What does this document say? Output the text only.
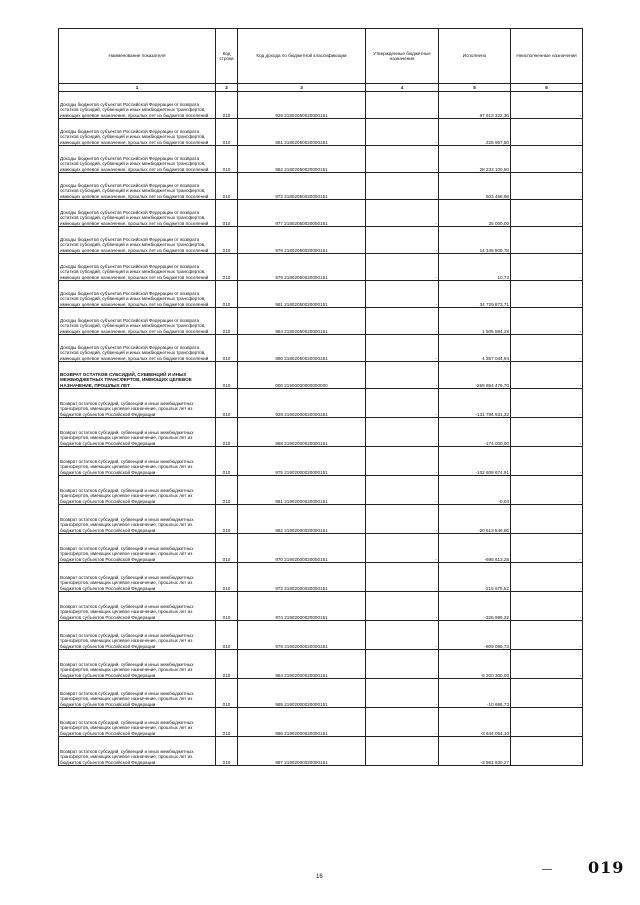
Наименование показателя	Код строки	Код дохода по бюджетной классификации	Утвержденные бюджетные назначения	Исполнено	Неисполненные назначения
1	2	3	4	5	6
Доходы бюджетов субъектов Российской Федерации от возврата остатков субсидий, субвенций и иных межбюджетных трансфертов, имеющих целевое назначение, прошлых лет из бюджетов поселений	010	929 21802050020000151	-	67 613 322,36	-
Доходы бюджетов субъектов Российской Федерации от возврата остатков субсидий, субвенций и иных межбюджетных трансфертов, имеющих целевое назначение, прошлых лет из бюджетов поселений	010	961 21802050020000151	-	225 967,50	-
Доходы бюджетов субъектов Российской Федерации от возврата остатков субсидий, субвенций и иных межбюджетных трансфертов, имеющих целевое назначение, прошлых лет из бюджетов поселений	010	962 21802050020000151	-	28 233 100,50	-
Доходы бюджетов субъектов Российской Федерации от возврата остатков субсидий, субвенций и иных межбюджетных трансфертов, имеющих целевое назначение, прошлых лет из бюджетов поселений	010	972 21802050020000151	-	503 468,98	-
Доходы бюджетов субъектов Российской Федерации от возврата остатков субсидий, субвенций и иных межбюджетных трансфертов, имеющих целевое назначение, прошлых лет из бюджетов поселений	010	977 21802050020000151	-	25 000,00	-
Доходы бюджетов субъектов Российской Федерации от возврата остатков субсидий, субвенций и иных межбюджетных трансфертов, имеющих целевое назначение, прошлых лет из бюджетов поселений	010	978 21802050020000151	-	14 145 909,78	-
Доходы бюджетов субъектов Российской Федерации от возврата остатков субсидий, субвенций и иных межбюджетных трансфертов, имеющих целевое назначение, прошлых лет из бюджетов поселений	010	979 21802050020000151	-	10,73	-
Доходы бюджетов субъектов Российской Федерации от возврата остатков субсидий, субвенций и иных межбюджетных трансфертов, имеющих целевое назначение, прошлых лет из бюджетов поселений	010	981 21802050020000151	-	34 729 873,71	-
Доходы бюджетов субъектов Российской Федерации от возврата остатков субсидий, субвенций и иных межбюджетных трансфертов, имеющих целевое назначение, прошлых лет из бюджетов поселений	010	984 21802050020000151	-	1 505 594,28	-
Доходы бюджетов субъектов Российской Федерации от возврата остатков субсидий, субвенций и иных межбюджетных трансфертов, имеющих целевое назначение, прошлых лет из бюджетов поселений	010	990 21802050020000151	-	4 357 044,94	-
ВОЗВРАТ ОСТАТКОВ СУБСИДИЙ, СУБВЕНЦИЙ И ИНЫХ МЕЖБЮДЖЕТНЫХ ТРАНСФЕРТОВ, ИМЕЮЩИХ ЦЕЛЕВОЕ НАЗНАЧЕНИЕ, ПРОШЛЫХ ЛЕТ	010	000 21900000000000000	-	-269 854 476,70	-
Возврат остатков субсидий, субвенций и иных межбюджетных трансфертов, имеющих целевое назначение, прошлых лет из бюджетов субъектов Российской Федерации	010	929 21902000020000151	-	-131 794 631,32	-
Возврат остатков субсидий, субвенций и иных межбюджетных трансфертов, имеющих целевое назначение, прошлых лет из бюджетов субъектов Российской Федерации	010	968 21902000020000151	-	-174 000,00	-
Возврат остатков субсидий, субвенций и иных межбюджетных трансфертов, имеющих целевое назначение, прошлых лет из бюджетов субъектов Российской Федерации	010	975 21902000020000151	-	-102 608 674,91	-
Возврат остатков субсидий, субвенций и иных межбюджетных трансфертов, имеющих целевое назначение, прошлых лет из бюджетов субъектов Российской Федерации	010	981 21902000020000151	-	-0,04	-
Возврат остатков субсидий, субвенций и иных межбюджетных трансфертов, имеющих целевое назначение, прошлых лет из бюджетов субъектов Российской Федерации	010	962 21902000020000151	-	-20 513 546,86	-
Возврат остатков субсидий, субвенций и иных межбюджетных трансфертов, имеющих целевое назначение, прошлых лет из бюджетов субъектов Российской Федерации	010	970 21902000020000151	-	-695 613,28	-
Возврат остатков субсидий, субвенций и иных межбюджетных трансфертов, имеющих целевое назначение, прошлых лет из бюджетов субъектов Российской Федерации	010	972 21902000020000151	-	-215 675,52	-
Возврат остатков субсидий, субвенций и иных межбюджетных трансфертов, имеющих целевое назначение, прошлых лет из бюджетов субъектов Российской Федерации	010	974 21902000020000151	-	-326 989,22	-
Возврат остатков субсидий, субвенций и иных межбюджетных трансфертов, имеющих целевое назначение, прошлых лет из бюджетов субъектов Российской Федерации	010	979 21902000020000151	-	-809 095,73	-
Возврат остатков субсидий, субвенций и иных межбюджетных трансфертов, имеющих целевое назначение, прошлых лет из бюджетов субъектов Российской Федерации	010	984 21902000020000151	-	-6 200 300,00	-
Возврат остатков субсидий, субвенций и иных межбюджетных трансфертов, имеющих целевое назначение, прошлых лет из бюджетов субъектов Российской Федерации	010	985 21902000020000151	-	-10 686,73	-
Возврат остатков субсидий, субвенций и иных межбюджетных трансфертов, имеющих целевое назначение, прошлых лет из бюджетов субъектов Российской Федерации	010	986 21902000020000151	-	-3 644 054,10	-
Возврат остатков субсидий, субвенций и иных межбюджетных трансфертов, имеющих целевое назначение, прошлых лет из бюджетов субъектов Российской Федерации	010	987 21902000020000151	-	-3 861 630,27	-
16
— 019
